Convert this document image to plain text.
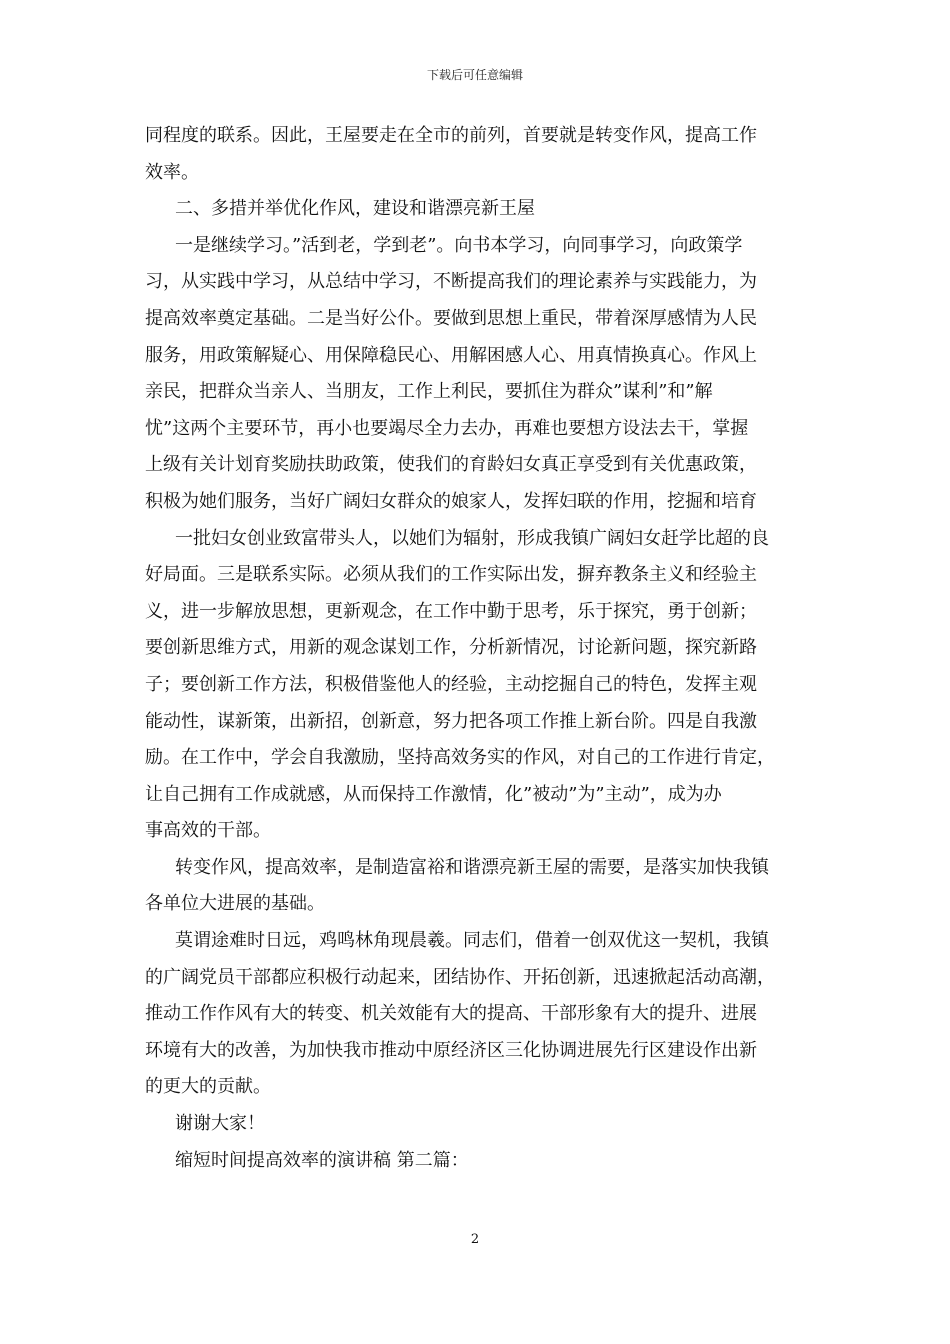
下载后可任意编辑

同程度的联系。因此，王屋要走在全市的前列，首要就是转变作风，提高工作

效率。

二、多措并举优化作风，建设和谐漂亮新王屋

一是继续学习。”活到老，学到老”。向书本学习，向同事学习，向政策学

习，从实践中学习，从总结中学习，不断提高我们的理论素养与实践能力，为

提高效率奠定基础。二是当好公仆。要做到思想上重民，带着深厚感情为人民

服务，用政策解疑心、用保障稳民心、用解困感人心、用真情换真心。作风上

亲民，把群众当亲人、当朋友，工作上利民，要抓住为群众”谋利”和”解

忧”这两个主要环节，再小也要竭尽全力去办，再难也要想方设法去干，掌握

上级有关计划育奖励扶助政策，使我们的育龄妇女真正享受到有关优惠政策，

积极为她们服务，当好广阔妇女群众的娘家人，发挥妇联的作用，挖掘和培育

一批妇女创业致富带头人，以她们为辐射，形成我镇广阔妇女赶学比超的良

好局面。三是联系实际。必须从我们的工作实际出发，摒弃教条主义和经验主

义，进一步解放思想，更新观念，在工作中勤于思考，乐于探究，勇于创新；

要创新思维方式，用新的观念谋划工作，分析新情况，讨论新问题，探究新路

子；要创新工作方法，积极借鉴他人的经验，主动挖掘自己的特色，发挥主观

能动性，谋新策，出新招，创新意，努力把各项工作推上新台阶。四是自我激

励。在工作中，学会自我激励，坚持高效务实的作风，对自己的工作进行肯定，

让自己拥有工作成就感，从而保持工作激情，化”被动”为”主动”，成为办

事高效的干部。

转变作风，提高效率，是制造富裕和谐漂亮新王屋的需要，是落实加快我镇

各单位大进展的基础。

莫谓途难时日远，鸡鸣林角现晨羲。同志们，借着一创双优这一契机，我镇

的广阔党员干部都应积极行动起来，团结协作、开拓创新，迅速掀起活动高潮，

推动工作作风有大的转变、机关效能有大的提高、干部形象有大的提升、进展

环境有大的改善，为加快我市推动中原经济区三化协调进展先行区建设作出新

的更大的贡献。

谢谢大家！

缩短时间提高效率的演讲稿 第二篇：

2
